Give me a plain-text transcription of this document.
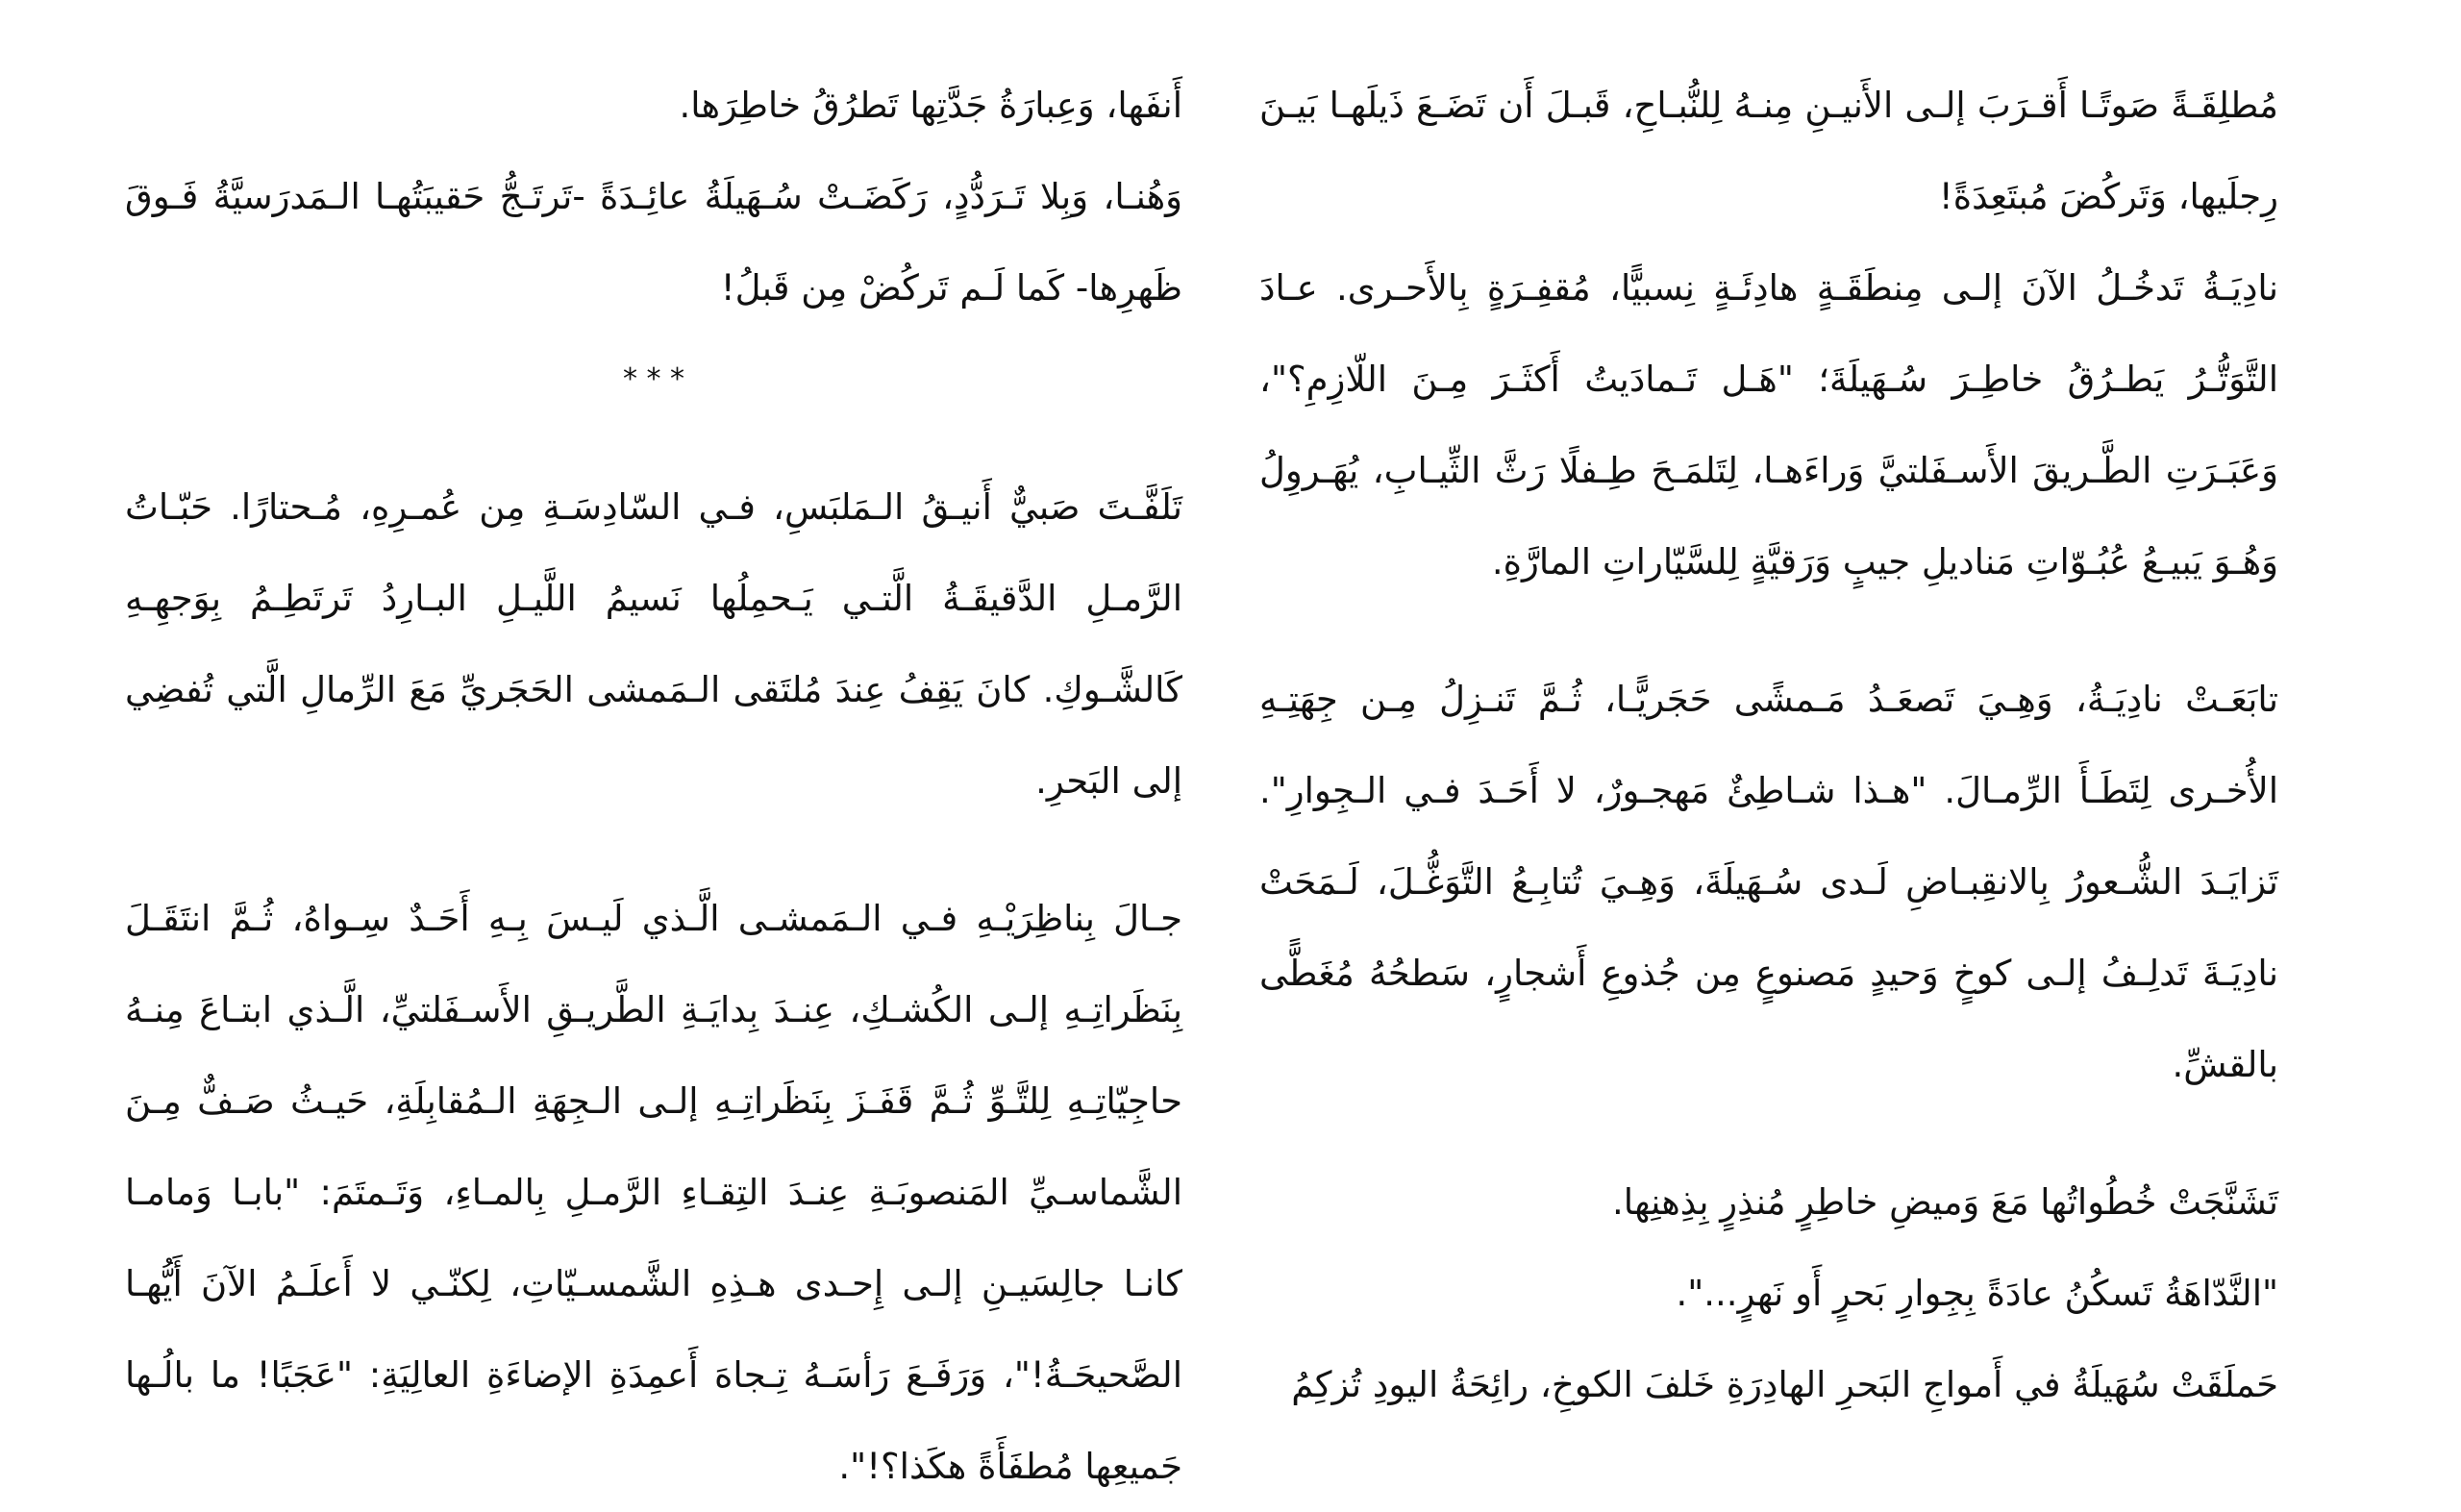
مُطلِقَـةً صَوتًـا أَقـرَبَ إلـى الأَنيـنِ مِنـهُ لِلنُّبـاحِ، قَبـلَ أَن تَضَـعَ ذَيلَهـا بَيـنَ رِجلَيها، وَتَركُضَ مُبتَعِدَةً!

نادِيَـةُ تَدخُـلُ الآنَ إلـى مِنطَقَـةٍ هادِئَـةٍ نِسبيًّا، مُقفِـرَةٍ بِالأَحـرى. عـادَ التَّوَتُّـرُ يَطـرُقُ خاطِـرَ سُـهَيلَةَ؛ "هَـل تَـمادَيتُ أَكثَـرَ مِـنَ اللّازِمِ؟"، وَعَبَـرَتِ الطَّـريقَ الأَسـفَلتيَّ وَراءَهـا، لِتَلمَـحَ طِـفلًا رَثَّ الثِّيـابِ، يُهَـروِلُ وَهُـوَ يَبيـعُ عُبُـوّاتِ مَناديلِ جيبٍ وَرَقيَّةٍ لِلسَّيّاراتِ المارَّةِ.

تابَعَـتْ نادِيَـةُ، وَهِـيَ تَصعَـدُ مَـمشًى حَجَريًّـا، ثُـمَّ تَنـزِلُ مِـن جِهَتِـهِ الأُخـرى لِتَطَـأَ الرِّمـالَ. "هـذا شـاطِئٌ مَهجـورٌ، لا أَحَـدَ فـي الـجِوارِ". تَزايَـدَ الشُّـعورُ بِالانقِبـاضِ لَـدى سُـهَيلَةَ، وَهِـيَ تُتابِـعُ التَّوَغُّـلَ، لَـمَحَتْ نادِيَـةَ تَدلِـفُ إلـى كوخٍ وَحيدٍ مَصنوعٍ مِن جُذوعِ أَشجارٍ، سَطحُهُ مُغَطًّى بالقشِّ.

تَشَنَّجَتْ خُطُواتُها مَعَ وَميضِ خاطِرٍ مُنذِرٍ بِذِهنِها.

"النَّدّاهَةُ تَسكُنُ عادَةً بِجِوارِ بَحرٍ أَو نَهرٍ...".

حَملَقَتْ سُهَيلَةُ في أَمواجِ البَحرِ الهادِرَةِ خَلفَ الكوخِ، رائِحَةُ اليودِ تُزكِمُ

أَنفَها، وَعِبارَةُ جَدَّتِها تَطرُقُ خاطِرَها.

وَهُنـا، وَبِلا تَـرَدُّدٍ، رَكَضَـتْ سُـهَيلَةُ عائِـدَةً -تَرتَـجُّ حَقيبَتُهـا الـمَدرَسيَّةُ فَـوقَ ظَهرِها- كَما لَـم تَركُضْ مِن قَبلُ!

* * *

تَلَفَّـتَ صَبيٌّ أَنيـقُ الـمَلبَسِ، فـي السّادِسَـةِ مِن عُمـرِهِ، مُـحتارًا. حَبّـاتُ الرَّمـلِ الدَّقيقَـةُ الَّتـي يَـحمِلُها نَسيمُ اللَّيـلِ البـارِدُ تَرتَطِـمُ بِوَجهِـهِ كَالشَّـوكِ. كانَ يَقِفُ عِندَ مُلتَقى الـمَمشى الحَجَريِّ مَعَ الرِّمالِ الَّتي تُفضِي إلى البَحرِ.

جـالَ بِناظِرَيْـهِ فـي الـمَمشـى الَّـذي لَيـسَ بِـهِ أَحَـدٌ سِـواهُ، ثُـمَّ انتَقَـلَ بِنَظَراتِـهِ إلـى الكُشـكِ، عِنـدَ بِدايَـةِ الطَّريـقِ الأَسـفَلتيِّ، الَّـذي ابتـاعَ مِنـهُ حاجِيّاتِـهِ لِلتَّـوِّ ثُـمَّ قَفَـزَ بِنَظَراتِـهِ إلـى الـجِهَةِ الـمُقابِلَةِ، حَيـثُ صَـفٌّ مِـنَ الشَّماسـيِّ المَنصوبَـةِ عِنـدَ التِقـاءِ الرَّمـلِ بِالمـاءِ، وَتَـمتَمَ: "بابـا وَمامـا كانـا جالِسَيـنِ إلـى إِحـدى هـذِهِ الشَّمسـيّاتِ، لِكنّـي لا أَعلَـمُ الآنَ أَيُّهـا الصَّحيحَـةُ!"، وَرَفَـعَ رَأسَـهُ تِـجاهَ أَعمِدَةِ الإضاءَةِ العالِيَةِ: "عَجَبًا! ما بالُـها جَميعِها مُطفَأَةً هكَذا؟!".
